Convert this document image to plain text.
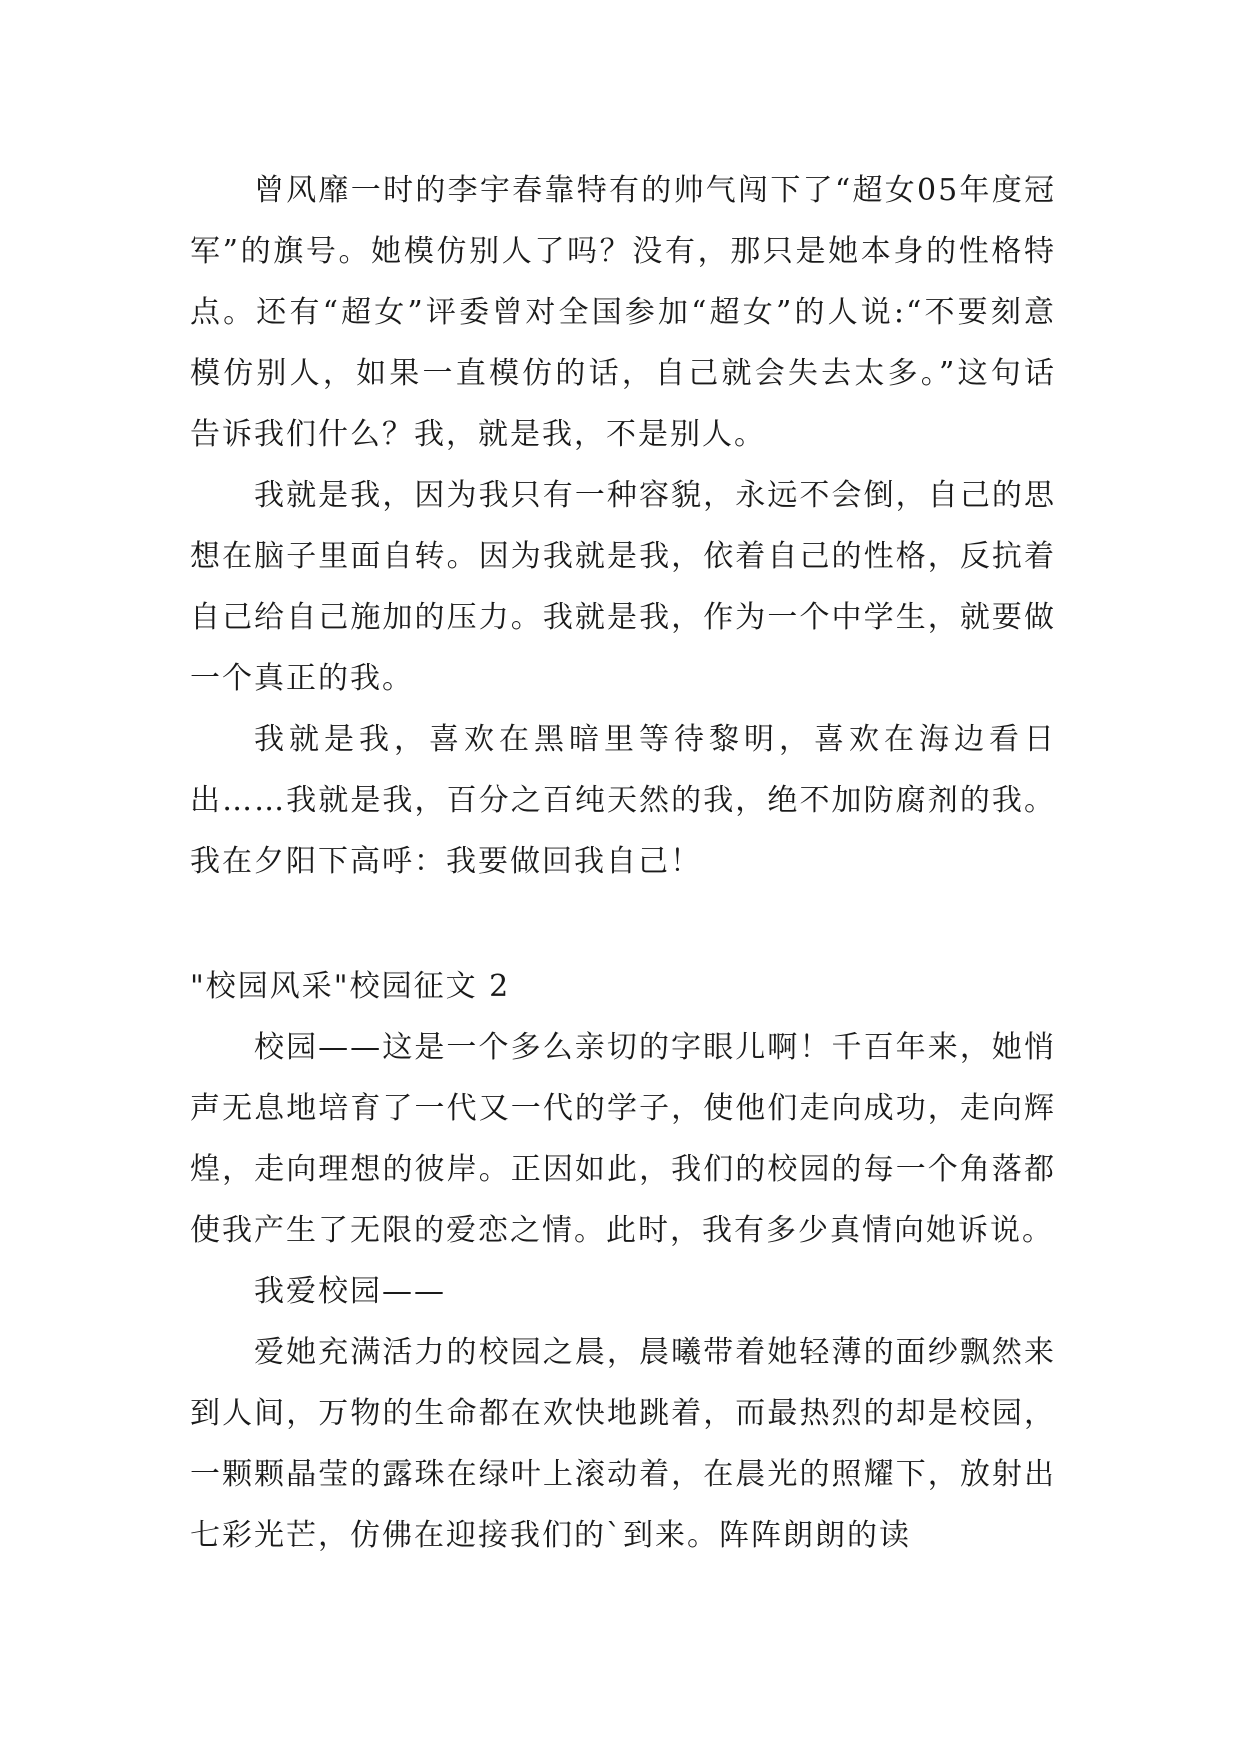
曾风靡一时的李宇春靠特有的帅气闯下了“超女05年度冠军”的旗号。她模仿别人了吗？没有，那只是她本身的性格特点。还有“超女”评委曾对全国参加“超女”的人说:“不要刻意模仿别人，如果一直模仿的话，自己就会失去太多。”这句话告诉我们什么？我，就是我，不是别人。

我就是我，因为我只有一种容貌，永远不会倒，自己的思想在脑子里面自转。因为我就是我，依着自己的性格，反抗着自己给自己施加的压力。我就是我，作为一个中学生，就要做一个真正的我。

我就是我，喜欢在黑暗里等待黎明，喜欢在海边看日出……我就是我，百分之百纯天然的我，绝不加防腐剂的我。我在夕阳下高呼：我要做回我自己！

"校园风采"校园征文 2

校园——这是一个多么亲切的字眼儿啊！千百年来，她悄声无息地培育了一代又一代的学子，使他们走向成功，走向辉煌，走向理想的彼岸。正因如此，我们的校园的每一个角落都使我产生了无限的爱恋之情。此时，我有多少真情向她诉说。

我爱校园——

爱她充满活力的校园之晨，晨曦带着她轻薄的面纱飘然来到人间，万物的生命都在欢快地跳着，而最热烈的却是校园，一颗颗晶莹的露珠在绿叶上滚动着，在晨光的照耀下，放射出七彩光芒，仿佛在迎接我们的`到来。阵阵朗朗的读
